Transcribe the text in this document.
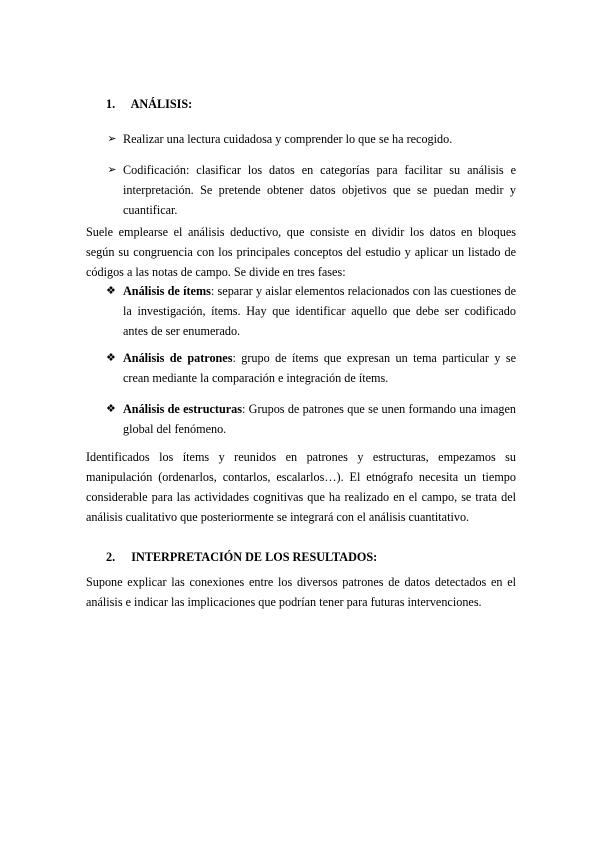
1. ANÁLISIS:
➢ Realizar una lectura cuidadosa y comprender lo que se ha recogido.
➢ Codificación: clasificar los datos en categorías para facilitar su análisis e interpretación. Se pretende obtener datos objetivos que se puedan medir y cuantificar.
Suele emplearse el análisis deductivo, que consiste en dividir los datos en bloques según su congruencia con los principales conceptos del estudio y aplicar un listado de códigos a las notas de campo. Se divide en tres fases:
❖ Análisis de ítems: separar y aislar elementos relacionados con las cuestiones de la investigación, ítems. Hay que identificar aquello que debe ser codificado antes de ser enumerado.
❖ Análisis de patrones: grupo de ítems que expresan un tema particular y se crean mediante la comparación e integración de ítems.
❖ Análisis de estructuras: Grupos de patrones que se unen formando una imagen global del fenómeno.
Identificados los ítems y reunidos en patrones y estructuras, empezamos su manipulación (ordenarlos, contarlos, escalarlos…). El etnógrafo necesita un tiempo considerable para las actividades cognitivas que ha realizado en el campo, se trata del análisis cualitativo que posteriormente se integrará con el análisis cuantitativo.
2. INTERPRETACIÓN DE LOS RESULTADOS:
Supone explicar las conexiones entre los diversos patrones de datos detectados en el análisis e indicar las implicaciones que podrían tener para futuras intervenciones.
